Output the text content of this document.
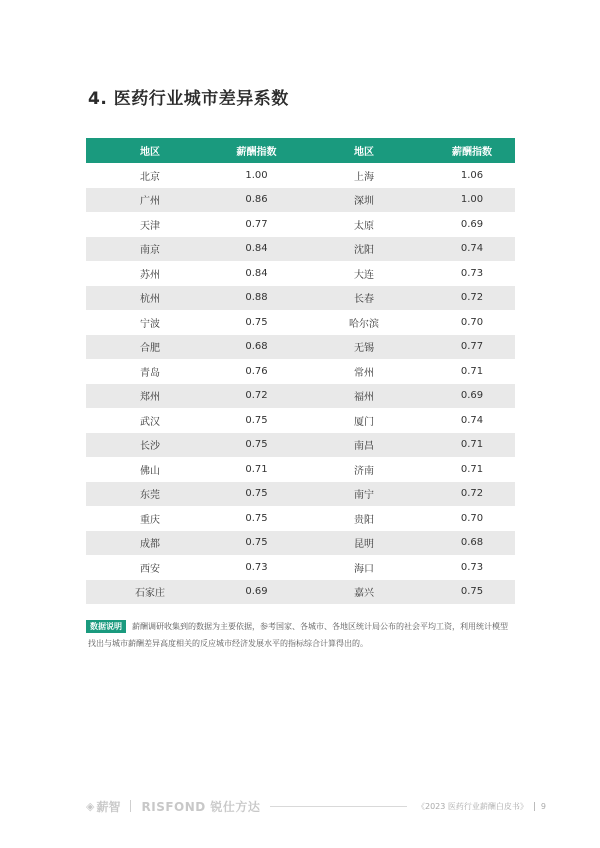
4. 医药行业城市差异系数
地区	薪酬指数	地区	薪酬指数
北京	1.00	上海	1.06
广州	0.86	深圳	1.00
天津	0.77	太原	0.69
南京	0.84	沈阳	0.74
苏州	0.84	大连	0.73
杭州	0.88	长春	0.72
宁波	0.75	哈尔滨	0.70
合肥	0.68	无锡	0.77
青岛	0.76	常州	0.71
郑州	0.72	福州	0.69
武汉	0.75	厦门	0.74
长沙	0.75	南昌	0.71
佛山	0.71	济南	0.71
东莞	0.75	南宁	0.72
重庆	0.75	贵阳	0.70
成都	0.75	昆明	0.68
西安	0.73	海口	0.73
石家庄	0.69	嘉兴	0.75
数据说明 薪酬调研收集到的数据为主要依据，参考国家、各城市、各地区统计局公布的社会平均工资，利用统计模型
找出与城市薪酬差异高度相关的反应城市经济发展水平的指标综合计算得出的。
◈ 薪智 RISFOND 锐仕方达	《2023 医药行业薪酬白皮书》 9
